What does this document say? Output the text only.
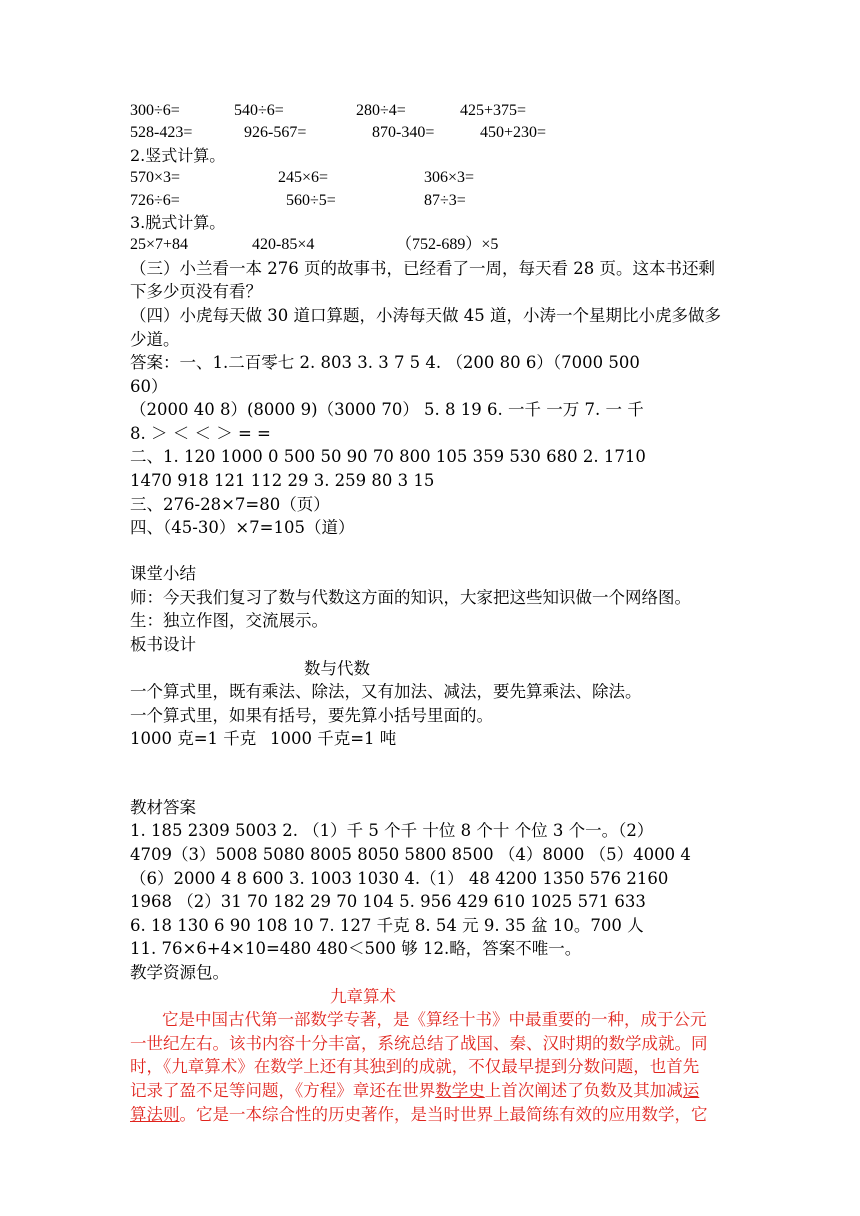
300÷6=	540÷6=	280÷4=	425+375=
528-423=	926-567=	870-340=	450+230=
2.竖式计算。
570×3=	245×6=	306×3=
726÷6=	560÷5=	87÷3=
3.脱式计算。
25×7+84	420-85×4	（752-689）×5
（三）小兰看一本 276 页的故事书，已经看了一周，每天看 28 页。这本书还剩
下多少页没有看？
（四）小虎每天做 30 道口算题，小涛每天做 45 道，小涛一个星期比小虎多做多
少道。
答案：一、1.二百零七 2. 803 3. 3 7 5 4. （200 80 6）（7000 500
60）
（2000 40 8）(8000 9)（3000 70） 5. 8 19 6. 一千 一万 7. 一 千
8. ＞ ＜ ＜ ＞ = =
二、1. 120 1000 0 500 50 90 70 800 105 359 530 680 2. 1710
1470 918 121 112 29 3. 259 80 3 15
三、276-28×7=80（页）
四、（45-30）×7=105（道）
课堂小结
师：今天我们复习了数与代数这方面的知识，大家把这些知识做一个网络图。
生：独立作图，交流展示。
板书设计
数与代数
一个算式里，既有乘法、除法，又有加法、减法，要先算乘法、除法。
一个算式里，如果有括号，要先算小括号里面的。
1000 克=1 千克 1000 千克=1 吨
教材答案
1. 185 2309 5003 2. （1）千 5 个千 十位 8 个十 个位 3 个一。（2）
4709（3）5008 5080 8005 8050 5800 8500 （4）8000 （5）4000 4
（6）2000 4 8 600 3. 1003 1030 4.（1） 48 4200 1350 576 2160
1968 （2）31 70 182 29 70 104 5. 956 429 610 1025 571 633
6. 18 130 6 90 108 10 7. 127 千克 8. 54 元 9. 35 盆 10。700 人
11. 76×6+4×10=480 480＜500 够 12.略，答案不唯一。
教学资源包。
九章算术
它是中国古代第一部数学专著，是《算经十书》中最重要的一种，成于公元
一世纪左右。该书内容十分丰富，系统总结了战国、秦、汉时期的数学成就。同
时，《九章算术》在数学上还有其独到的成就，不仅最早提到分数问题，也首先
记录了盈不足等问题，《方程》章还在世界数学史上首次阐述了负数及其加减运
算法则。它是一本综合性的历史著作，是当时世界上最简练有效的应用数学，它
